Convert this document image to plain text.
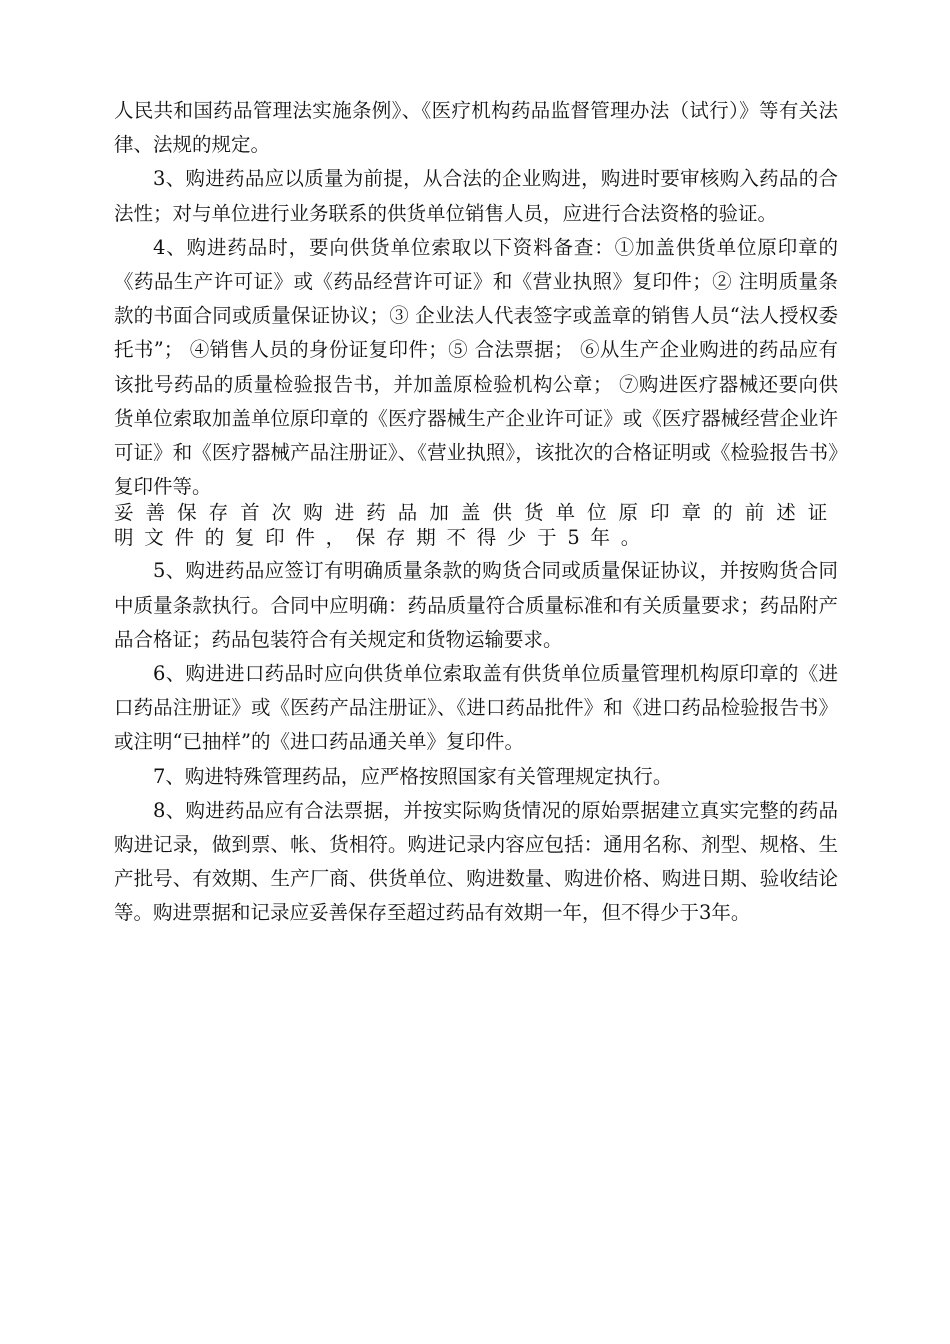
人民共和国药品管理法实施条例》、《医疗机构药品监督管理办法（试行）》等有关法律、法规的规定。

3、购进药品应以质量为前提，从合法的企业购进，购进时要审核购入药品的合法性；对与单位进行业务联系的供货单位销售人员，应进行合法资格的验证。

4、购进药品时，要向供货单位索取以下资料备查：①加盖供货单位原印章的《药品生产许可证》或《药品经营许可证》和《营业执照》复印件；② 注明质量条款的书面合同或质量保证协议；③ 企业法人代表签字或盖章的销售人员“法人授权委托书”； ④销售人员的身份证复印件；⑤ 合法票据； ⑥从生产企业购进的药品应有该批号药品的质量检验报告书，并加盖原检验机构公章； ⑦购进医疗器械还要向供货单位索取加盖单位原印章的《医疗器械生产企业许可证》或《医疗器械经营企业许可证》和《医疗器械产品注册证》、《营业执照》，该批次的合格证明或《检验报告书》复印件等。

妥善保存首次购进药品加盖供货单位原印章的前述证明文件的复印件，保存期不得少于5年。

5、购进药品应签订有明确质量条款的购货合同或质量保证协议，并按购货合同中质量条款执行。合同中应明确：药品质量符合质量标准和有关质量要求；药品附产品合格证；药品包装符合有关规定和货物运输要求。

6、购进进口药品时应向供货单位索取盖有供货单位质量管理机构原印章的《进口药品注册证》或《医药产品注册证》、《进口药品批件》和《进口药品检验报告书》或注明“已抽样”的《进口药品通关单》复印件。

7、购进特殊管理药品，应严格按照国家有关管理规定执行。

8、购进药品应有合法票据，并按实际购货情况的原始票据建立真实完整的药品购进记录，做到票、帐、货相符。购进记录内容应包括：通用名称、剂型、规格、生产批号、有效期、生产厂商、供货单位、购进数量、购进价格、购进日期、验收结论等。购进票据和记录应妥善保存至超过药品有效期一年，但不得少于3年。
